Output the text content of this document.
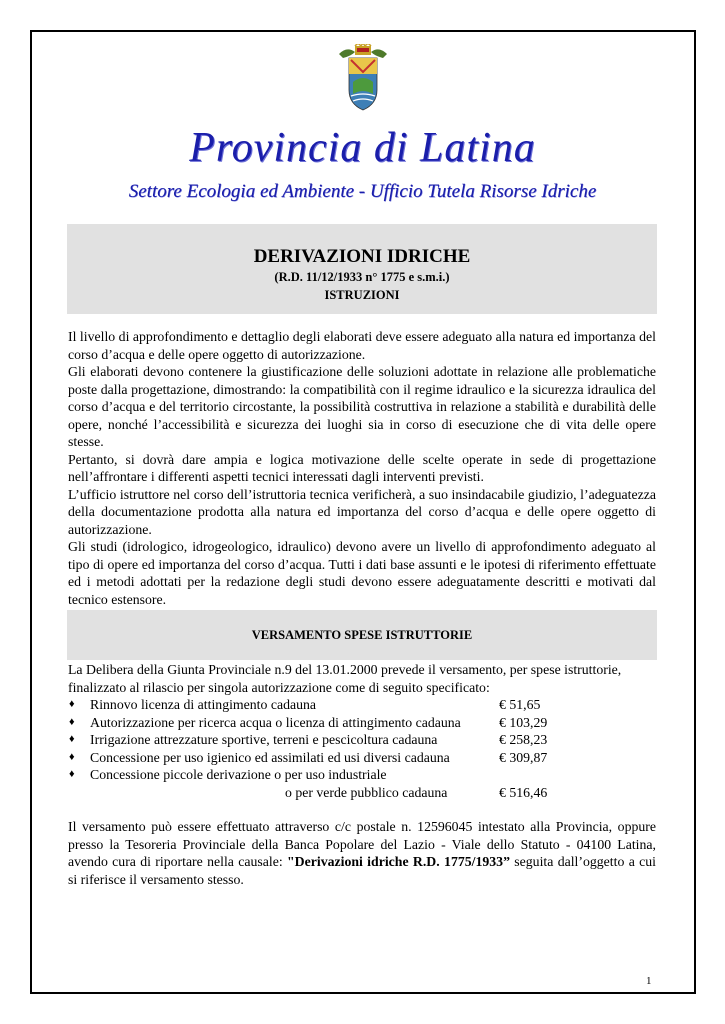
Provincia di Latina
Settore Ecologia ed Ambiente - Ufficio Tutela Risorse Idriche
DERIVAZIONI IDRICHE
(R.D. 11/12/1933 n° 1775 e s.m.i.)
ISTRUZIONI

Il livello di approfondimento e dettaglio degli elaborati deve essere adeguato alla natura ed importanza del corso d’acqua e delle opere oggetto di autorizzazione.

Gli elaborati devono contenere la giustificazione delle soluzioni adottate in relazione alle problematiche poste dalla progettazione, dimostrando: la compatibilità con il regime idraulico e la sicurezza idraulica del corso d’acqua e del territorio circostante, la possibilità costruttiva in relazione a stabilità e durabilità delle opere, nonché l’accessibilità e sicurezza dei luoghi sia in corso di esecuzione che di vita delle opere stesse.

Pertanto, si dovrà dare ampia e logica motivazione delle scelte operate in sede di progettazione nell’affrontare i differenti aspetti tecnici interessati dagli interventi previsti.

L’ufficio istruttore nel corso dell’istruttoria tecnica verificherà, a suo insindacabile giudizio, l’adeguatezza della documentazione prodotta alla natura ed importanza del corso d’acqua e delle opere oggetto di autorizzazione.

Gli studi (idrologico, idrogeologico, idraulico) devono avere un livello di approfondimento adeguato al tipo di opere ed importanza del corso d’acqua. Tutti i dati base assunti e le ipotesi di riferimento effettuate ed i metodi adottati per la redazione degli studi devono essere adeguatamente descritti e motivati dal tecnico estensore.

VERSAMENTO SPESE ISTRUTTORIE

La Delibera della Giunta Provinciale n.9 del 13.01.2000 prevede il versamento, per spese istruttorie, finalizzato al rilascio per singola autorizzazione come di seguito specificato:

♦ Rinnovo licenza di attingimento cadauna	€ 51,65
♦ Autorizzazione per ricerca acqua o licenza di attingimento cadauna	€ 103,29
♦ Irrigazione attrezzature sportive, terreni e pescicoltura cadauna	€ 258,23
♦ Concessione per uso igienico ed assimilati ed usi diversi cadauna	€ 309,87
♦ Concessione piccole derivazione o per uso industriale
o per verde pubblico cadauna	€ 516,46

Il versamento può essere effettuato attraverso c/c postale n. 12596045 intestato alla Provincia, oppure presso la Tesoreria Provinciale della Banca Popolare del Lazio - Viale dello Statuto - 04100 Latina, avendo cura di riportare nella causale: "Derivazioni idriche R.D. 1775/1933” seguita dall’oggetto a cui si riferisce il versamento stesso.

1
